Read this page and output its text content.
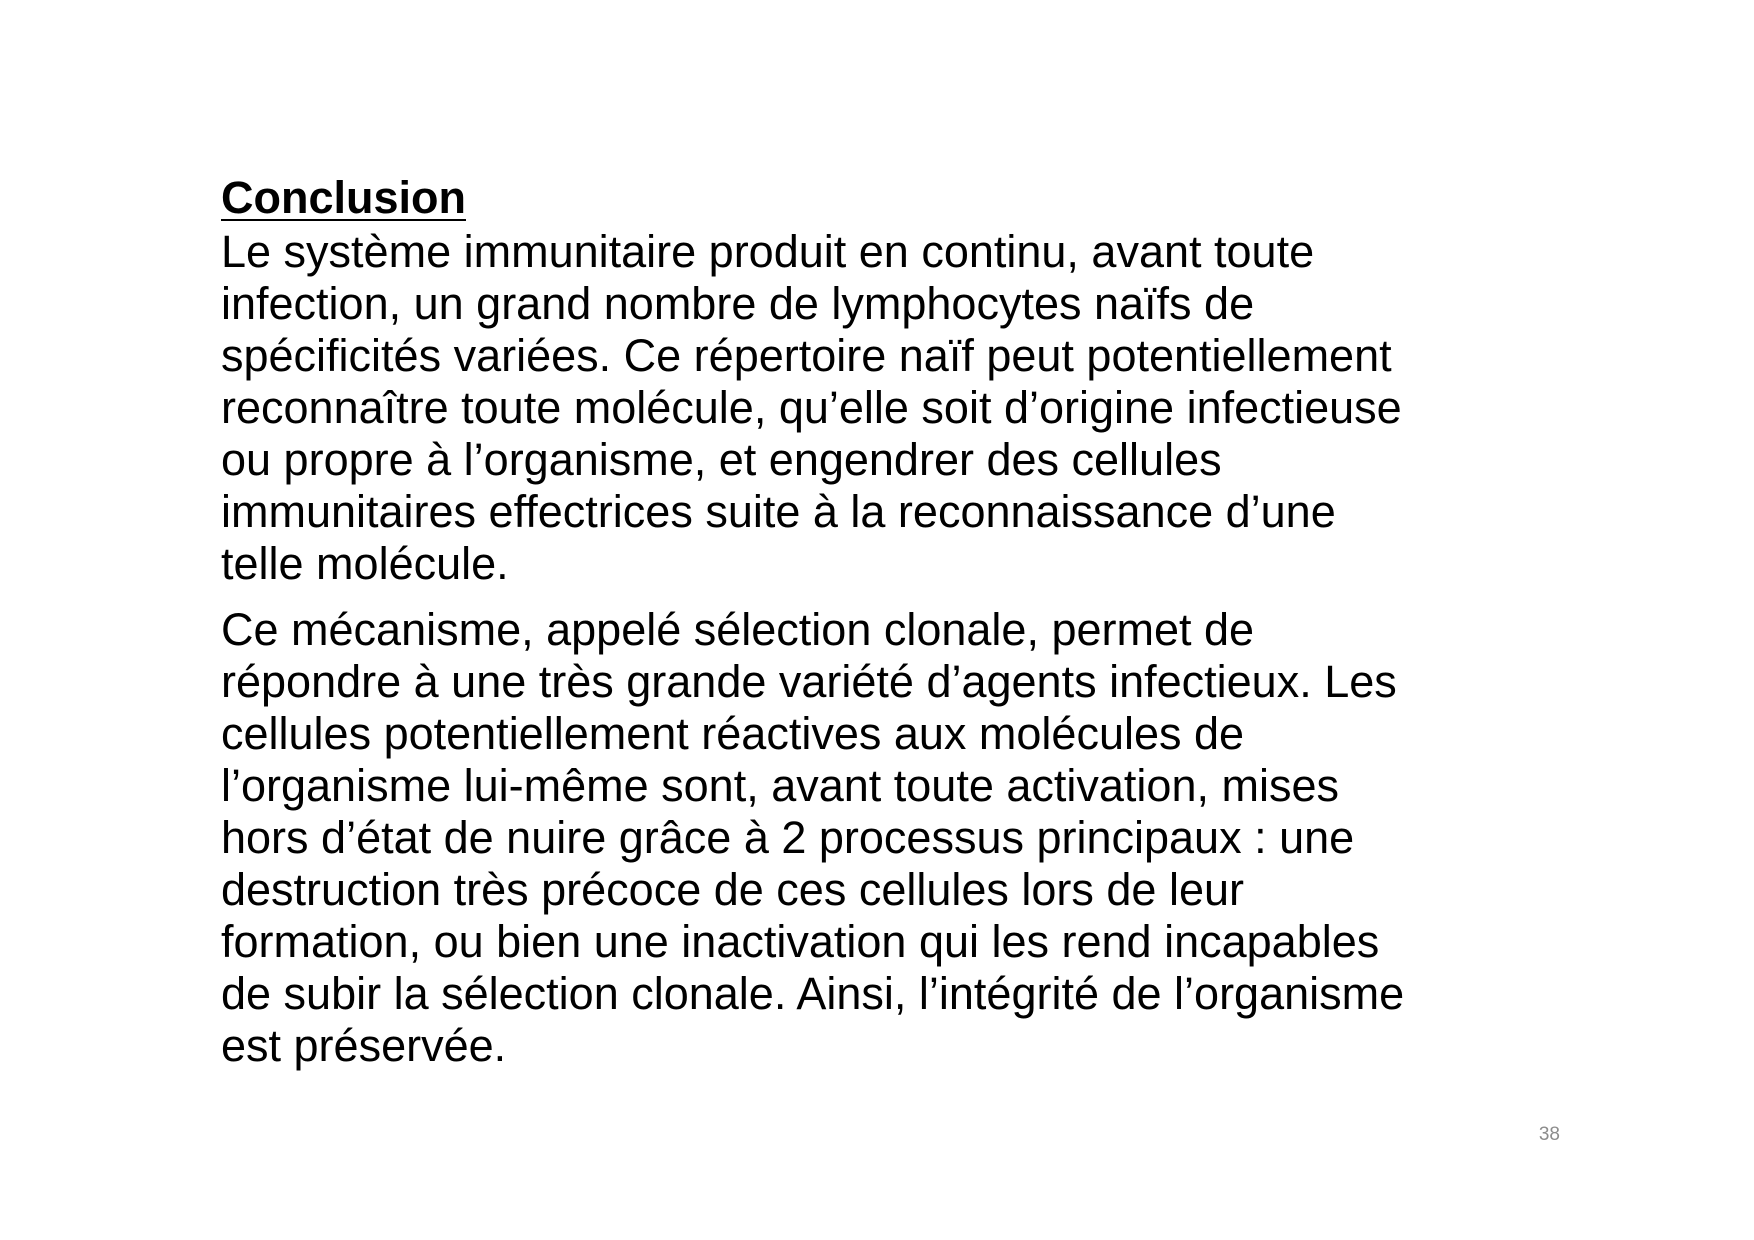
Conclusion

Le système immunitaire produit en continu, avant toute
infection, un grand nombre de lymphocytes naïfs de
spécificités variées. Ce répertoire naïf peut potentiellement
reconnaître toute molécule, qu’elle soit d’origine infectieuse
ou propre à l’organisme, et engendrer des cellules
immunitaires effectrices suite à la reconnaissance d’une
telle molécule.

Ce mécanisme, appelé sélection clonale, permet de
répondre à une très grande variété d’agents infectieux. Les
cellules potentiellement réactives aux molécules de
l’organisme lui-même sont, avant toute activation, mises
hors d’état de nuire grâce à 2 processus principaux : une
destruction très précoce de ces cellules lors de leur
formation, ou bien une inactivation qui les rend incapables
de subir la sélection clonale. Ainsi, l’intégrité de l’organisme
est préservée.

38
